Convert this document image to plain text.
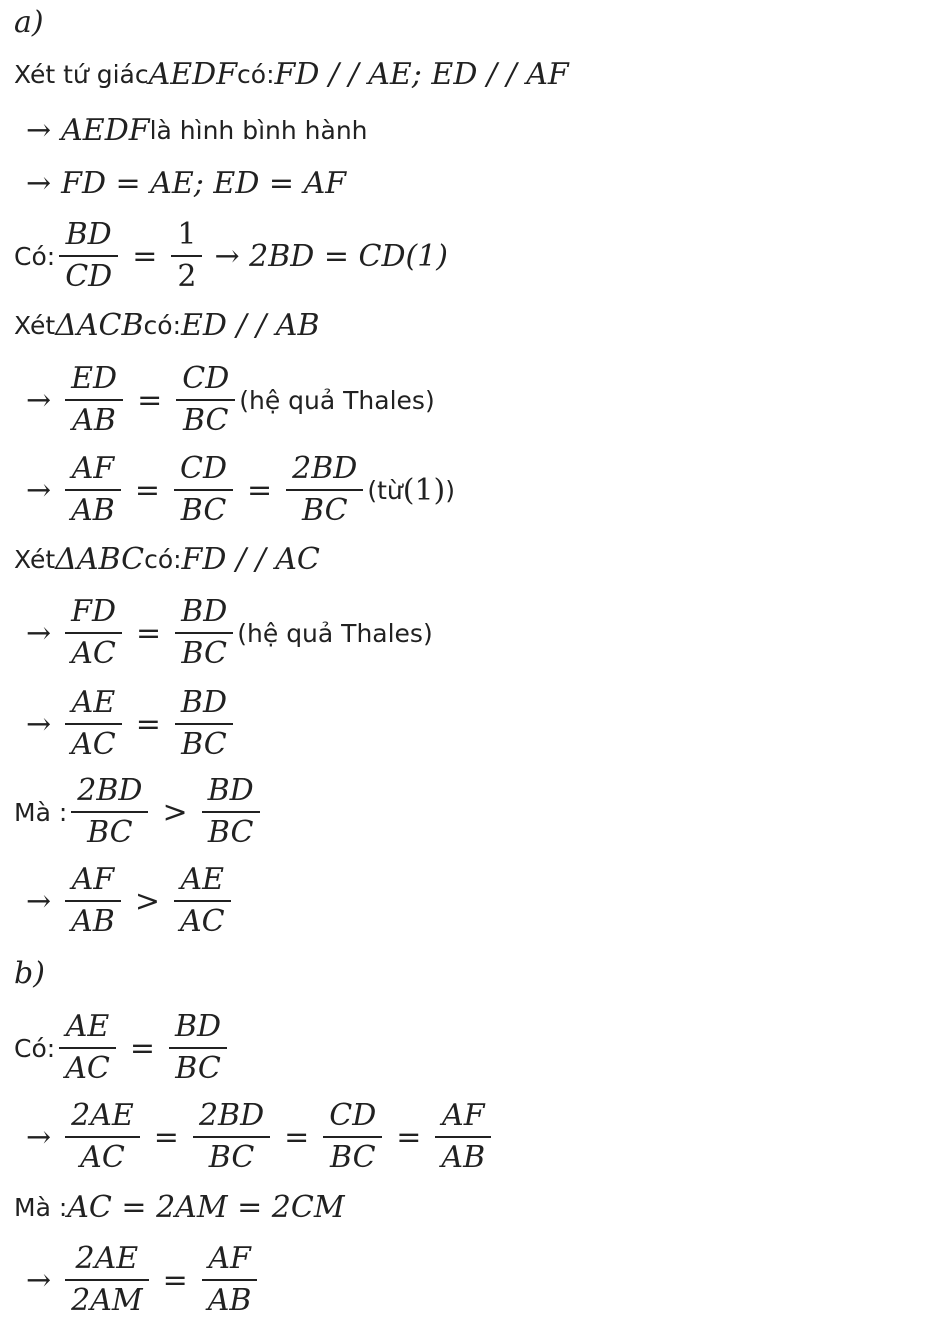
a)
Xét tứ giác AEDF có: FD / / AE; ED / / AF
→ AEDF là hình bình hành
→ FD = AE; ED = AF
Có: $\frac{BD}{CD} = \frac{1}{2} \to 2BD = CD(1)$
Xét ΔACB có: ED / / AB
→ $\frac{ED}{AB} = \frac{CD}{BC}$ (hệ quả Thales)
→ $\frac{AF}{AB} = \frac{CD}{BC} = \frac{2BD}{BC}$ (từ (1) )
Xét ΔABC có: FD / / AC
→ $\frac{FD}{AC} = \frac{BD}{BC}$ (hệ quả Thales)
→ $\frac{AE}{AC} = \frac{BD}{BC}$
Mà : $\frac{2BD}{BC} > \frac{BD}{BC}$
→ $\frac{AF}{AB} > \frac{AE}{AC}$
b)
Có: $\frac{AE}{AC} = \frac{BD}{BC}$
→ $\frac{2AE}{AC} = \frac{2BD}{BC} = \frac{CD}{BC} = \frac{AF}{AB}$
Mà : AC = 2AM = 2CM
→ $\frac{2AE}{2AM} = \frac{AF}{AB}$
